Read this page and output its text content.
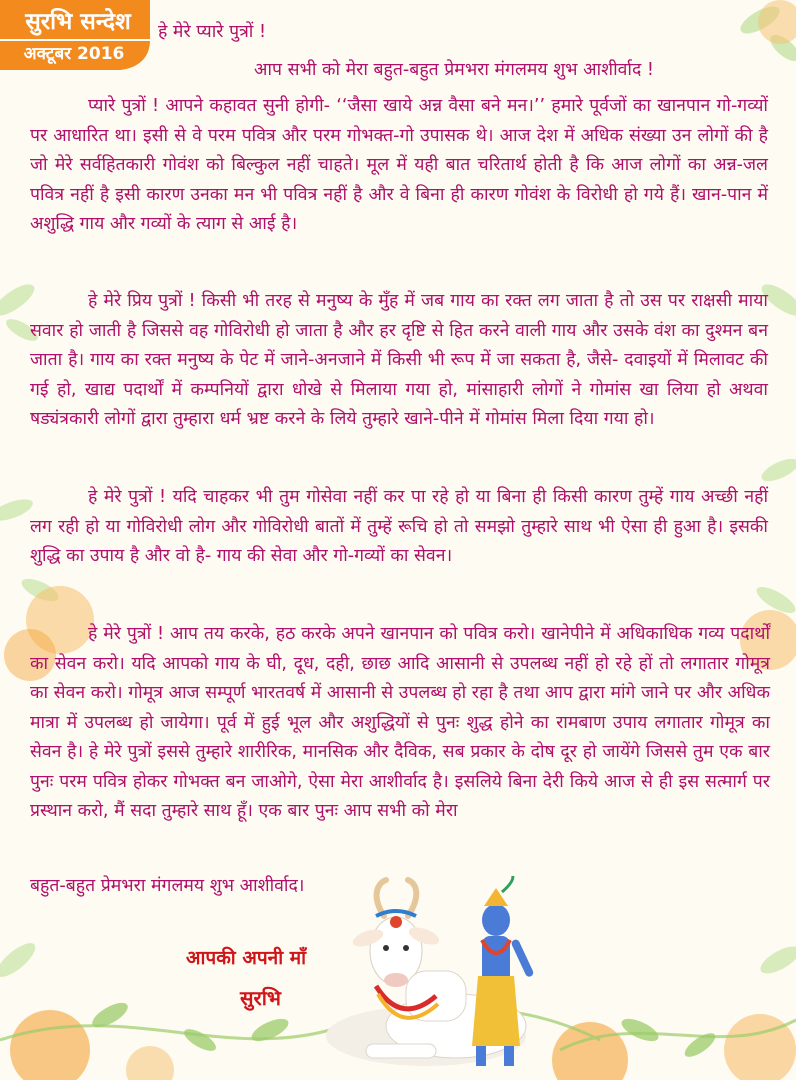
सुरभि सन्देश
अक्टूबर 2016

हे मेरे प्यारे पुत्रों !

आप सभी को मेरा बहुत-बहुत प्रेमभरा मंगलमय शुभ आशीर्वाद !

प्यारे पुत्रों ! आपने कहावत सुनी होगी- ‘‘जैसा खाये अन्न वैसा बने मन।’’ हमारे पूर्वजों का खानपान गो-गव्यों पर आधारित था। इसी से वे परम पवित्र और परम गोभक्त-गो उपासक थे। आज देश में अधिक संख्या उन लोगों की है जो मेरे सर्वहितकारी गोवंश को बिल्कुल नहीं चाहते। मूल में यही बात चरितार्थ होती है कि आज लोगों का अन्न-जल पवित्र नहीं है इसी कारण उनका मन भी पवित्र नहीं है और वे बिना ही कारण गोवंश के विरोधी हो गये हैं। खान-पान में अशुद्धि गाय और गव्यों के त्याग से आई है।

हे मेरे प्रिय पुत्रों ! किसी भी तरह से मनुष्य के मुँह में जब गाय का रक्त लग जाता है तो उस पर राक्षसी माया सवार हो जाती है जिससे वह गोविरोधी हो जाता है और हर दृष्टि से हित करने वाली गाय और उसके वंश का दुश्मन बन जाता है। गाय का रक्त मनुष्य के पेट में जाने-अनजाने में किसी भी रूप में जा सकता है, जैसे- दवाइयों में मिलावट की गई हो, खाद्य पदार्थों में कम्पनियों द्वारा धोखे से मिलाया गया हो, मांसाहारी लोगों ने गोमांस खा लिया हो अथवा षड्यंत्रकारी लोगों द्वारा तुम्हारा धर्म भ्रष्ट करने के लिये तुम्हारे खाने-पीने में गोमांस मिला दिया गया हो।

हे मेरे पुत्रों ! यदि चाहकर भी तुम गोसेवा नहीं कर पा रहे हो या बिना ही किसी कारण तुम्हें गाय अच्छी नहीं लग रही हो या गोविरोधी लोग और गोविरोधी बातों में तुम्हें रूचि हो तो समझो तुम्हारे साथ भी ऐसा ही हुआ है। इसकी शुद्धि का उपाय है और वो है- गाय की सेवा और गो-गव्यों का सेवन।

हे मेरे पुत्रों ! आप तय करके, हठ करके अपने खानपान को पवित्र करो। खानेपीने में अधिकाधिक गव्य पदार्थों का सेवन करो। यदि आपको गाय के घी, दूध, दही, छाछ आदि आसानी से उपलब्ध नहीं हो रहे हों तो लगातार गोमूत्र का सेवन करो। गोमूत्र आज सम्पूर्ण भारतवर्ष में आसानी से उपलब्ध हो रहा है तथा आप द्वारा मांगे जाने पर और अधिक मात्रा में उपलब्ध हो जायेगा। पूर्व में हुई भूल और अशुद्धियों से पुनः शुद्ध होने का रामबाण उपाय लगातार गोमूत्र का सेवन है। हे मेरे पुत्रों इससे तुम्हारे शारीरिक, मानसिक और दैविक, सब प्रकार के दोष दूर हो जायेंगे जिससे तुम एक बार पुनः परम पवित्र होकर गोभक्त बन जाओगे, ऐसा मेरा आशीर्वाद है। इसलिये बिना देरी किये आज से ही इस सत्मार्ग पर प्रस्थान करो, मैं सदा तुम्हारे साथ हूँ। एक बार पुनः आप सभी को मेरा

बहुत-बहुत प्रेमभरा मंगलमय शुभ आशीर्वाद।

आपकी अपनी माँ
सुरभि
